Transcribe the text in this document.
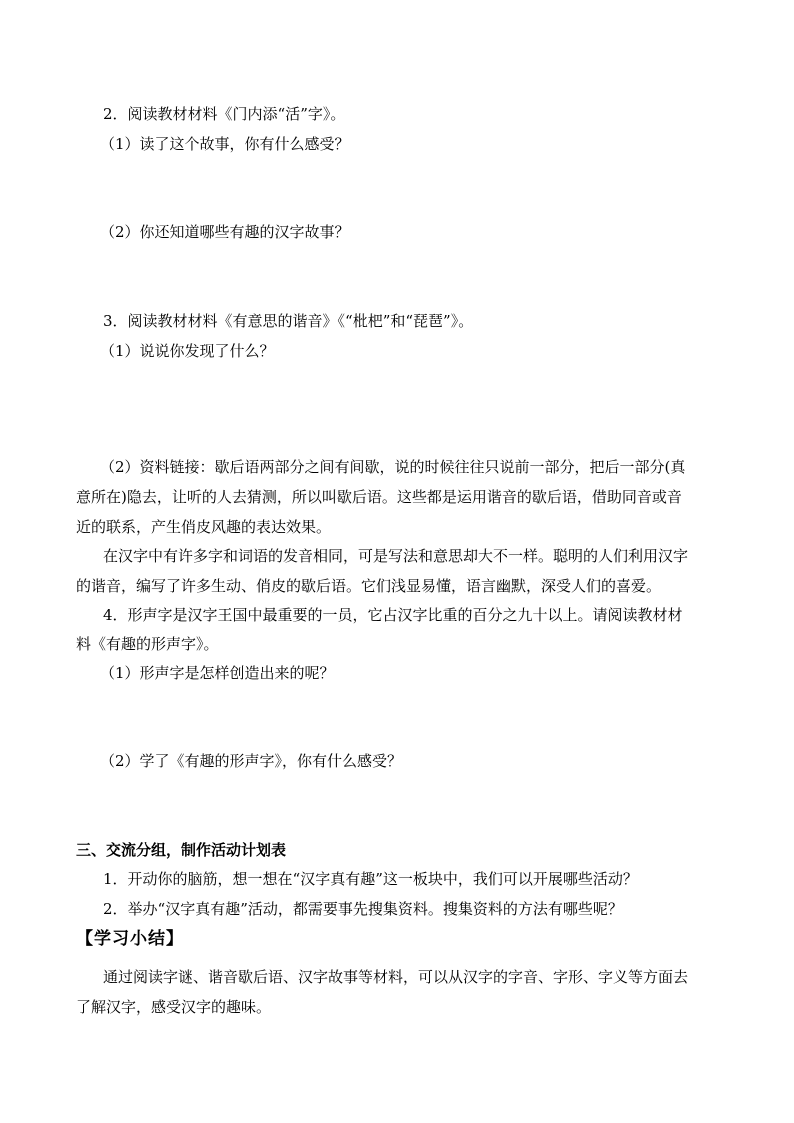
2．阅读教材材料《门内添“活”字》。

（1）读了这个故事，你有什么感受？

（2）你还知道哪些有趣的汉字故事？

3．阅读教材材料《有意思的谐音》《“枇杷”和“琵琶”》。

（1）说说你发现了什么？

（2）资料链接：歇后语两部分之间有间歇，说的时候往往只说前一部分，把后一部分(真

意所在)隐去，让听的人去猜测，所以叫歇后语。这些都是运用谐音的歇后语，借助同音或音

近的联系，产生俏皮风趣的表达效果。

在汉字中有许多字和词语的发音相同，可是写法和意思却大不一样。聪明的人们利用汉字

的谐音，编写了许多生动、俏皮的歇后语。它们浅显易懂，语言幽默，深受人们的喜爱。

4．形声字是汉字王国中最重要的一员，它占汉字比重的百分之九十以上。请阅读教材材

料《有趣的形声字》。

（1）形声字是怎样创造出来的呢？

（2）学了《有趣的形声字》，你有什么感受？

三、交流分组，制作活动计划表

1．开动你的脑筋，想一想在“汉字真有趣”这一板块中，我们可以开展哪些活动？

2．举办“汉字真有趣”活动，都需要事先搜集资料。搜集资料的方法有哪些呢？

【学习小结】

通过阅读字谜、谐音歇后语、汉字故事等材料，可以从汉字的字音、字形、字义等方面去

了解汉字，感受汉字的趣味。
